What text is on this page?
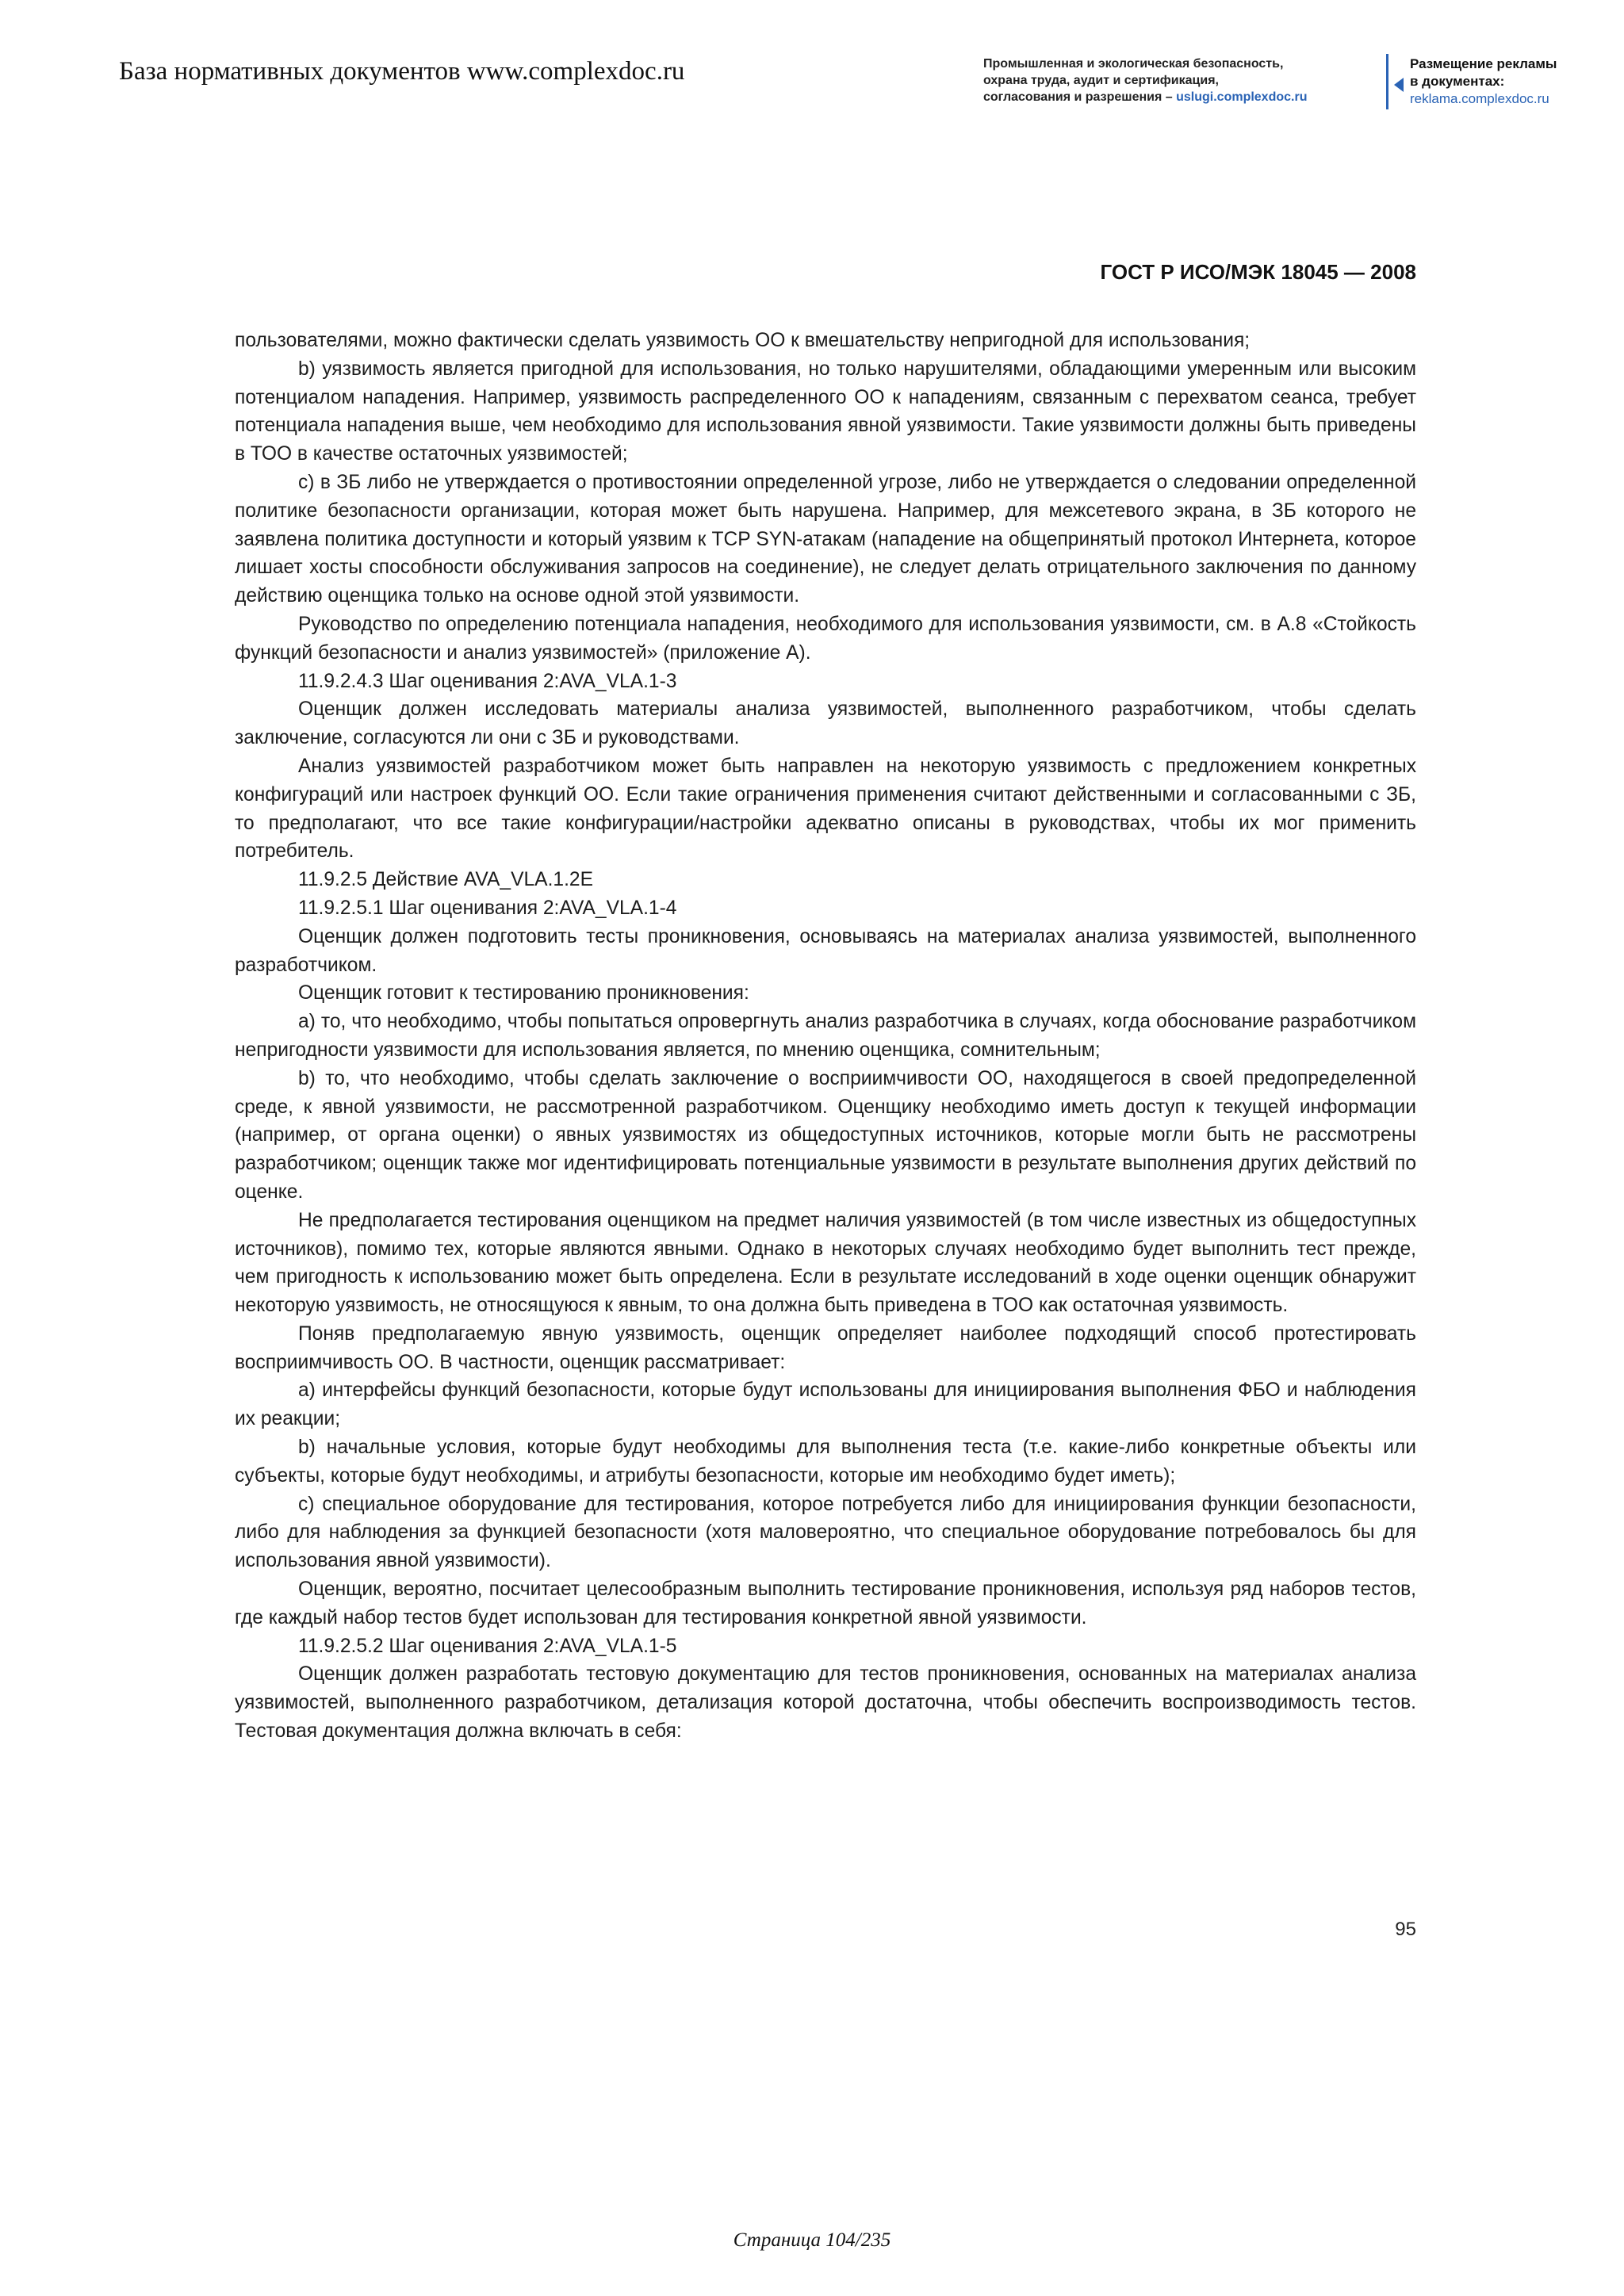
База нормативных документов www.complexdoc.ru	Промышленная и экологическая безопасность,
охрана труда, аудит и сертификация,
согласования и разрешения – uslugi.complexdoc.ru
Размещение рекламы
в документах:
reklama.complexdoc.ru
ГОСТ Р ИСО/МЭК 18045 — 2008

пользователями, можно фактически сделать уязвимость ОО к вмешательству непригодной для использования;

b) уязвимость является пригодной для использования, но только нарушителями, обладающими умеренным или высоким потенциалом нападения. Например, уязвимость распределенного ОО к нападениям, связанным с перехватом сеанса, требует потенциала нападения выше, чем необходимо для использования явной уязвимости. Такие уязвимости должны быть приведены в ТОО в качестве остаточных уязвимостей;

с) в ЗБ либо не утверждается о противостоянии определенной угрозе, либо не утверждается о следовании определенной политике безопасности организации, которая может быть нарушена. Например, для межсетевого экрана, в ЗБ которого не заявлена политика доступности и который уязвим к TCP SYN-атакам (нападение на общепринятый протокол Интернета, которое лишает хосты способности обслуживания запросов на соединение), не следует делать отрицательного заключения по данному действию оценщика только на основе одной этой уязвимости.

Руководство по определению потенциала нападения, необходимого для использования уязвимости, см. в А.8 «Стойкость функций безопасности и анализ уязвимостей» (приложение А).

11.9.2.4.3 Шаг оценивания 2:AVA_VLA.1-3

Оценщик должен исследовать материалы анализа уязвимостей, выполненного разработчиком, чтобы сделать заключение, согласуются ли они с ЗБ и руководствами.

Анализ уязвимостей разработчиком может быть направлен на некоторую уязвимость с предложением конкретных конфигураций или настроек функций ОО. Если такие ограничения применения считают действенными и согласованными с ЗБ, то предполагают, что все такие конфигурации/настройки адекватно описаны в руководствах, чтобы их мог применить потребитель.

11.9.2.5 Действие AVA_VLA.1.2E

11.9.2.5.1 Шаг оценивания 2:AVA_VLA.1-4

Оценщик должен подготовить тесты проникновения, основываясь на материалах анализа уязвимостей, выполненного разработчиком.

Оценщик готовит к тестированию проникновения:

а) то, что необходимо, чтобы попытаться опровергнуть анализ разработчика в случаях, когда обоснование разработчиком непригодности уязвимости для использования является, по мнению оценщика, сомнительным;

b) то, что необходимо, чтобы сделать заключение о восприимчивости ОО, находящегося в своей предопределенной среде, к явной уязвимости, не рассмотренной разработчиком. Оценщику необходимо иметь доступ к текущей информации (например, от органа оценки) о явных уязвимостях из общедоступных источников, которые могли быть не рассмотрены разработчиком; оценщик также мог идентифицировать потенциальные уязвимости в результате выполнения других действий по оценке.

Не предполагается тестирования оценщиком на предмет наличия уязвимостей (в том числе известных из общедоступных источников), помимо тех, которые являются явными. Однако в некоторых случаях необходимо будет выполнить тест прежде, чем пригодность к использованию может быть определена. Если в результате исследований в ходе оценки оценщик обнаружит некоторую уязвимость, не относящуюся к явным, то она должна быть приведена в ТОО как остаточная уязвимость.

Поняв предполагаемую явную уязвимость, оценщик определяет наиболее подходящий способ протестировать восприимчивость ОО. В частности, оценщик рассматривает:

а) интерфейсы функций безопасности, которые будут использованы для инициирования выполнения ФБО и наблюдения их реакции;

b) начальные условия, которые будут необходимы для выполнения теста (т.е. какие-либо конкретные объекты или субъекты, которые будут необходимы, и атрибуты безопасности, которые им необходимо будет иметь);

с) специальное оборудование для тестирования, которое потребуется либо для инициирования функции безопасности, либо для наблюдения за функцией безопасности (хотя маловероятно, что специальное оборудование потребовалось бы для использования явной уязвимости).

Оценщик, вероятно, посчитает целесообразным выполнить тестирование проникновения, используя ряд наборов тестов, где каждый набор тестов будет использован для тестирования конкретной явной уязвимости.

11.9.2.5.2 Шаг оценивания 2:AVA_VLA.1-5

Оценщик должен разработать тестовую документацию для тестов проникновения, основанных на материалах анализа уязвимостей, выполненного разработчиком, детализация которой достаточна, чтобы обеспечить воспроизводимость тестов. Тестовая документация должна включать в себя:

95
Страница 104/235
